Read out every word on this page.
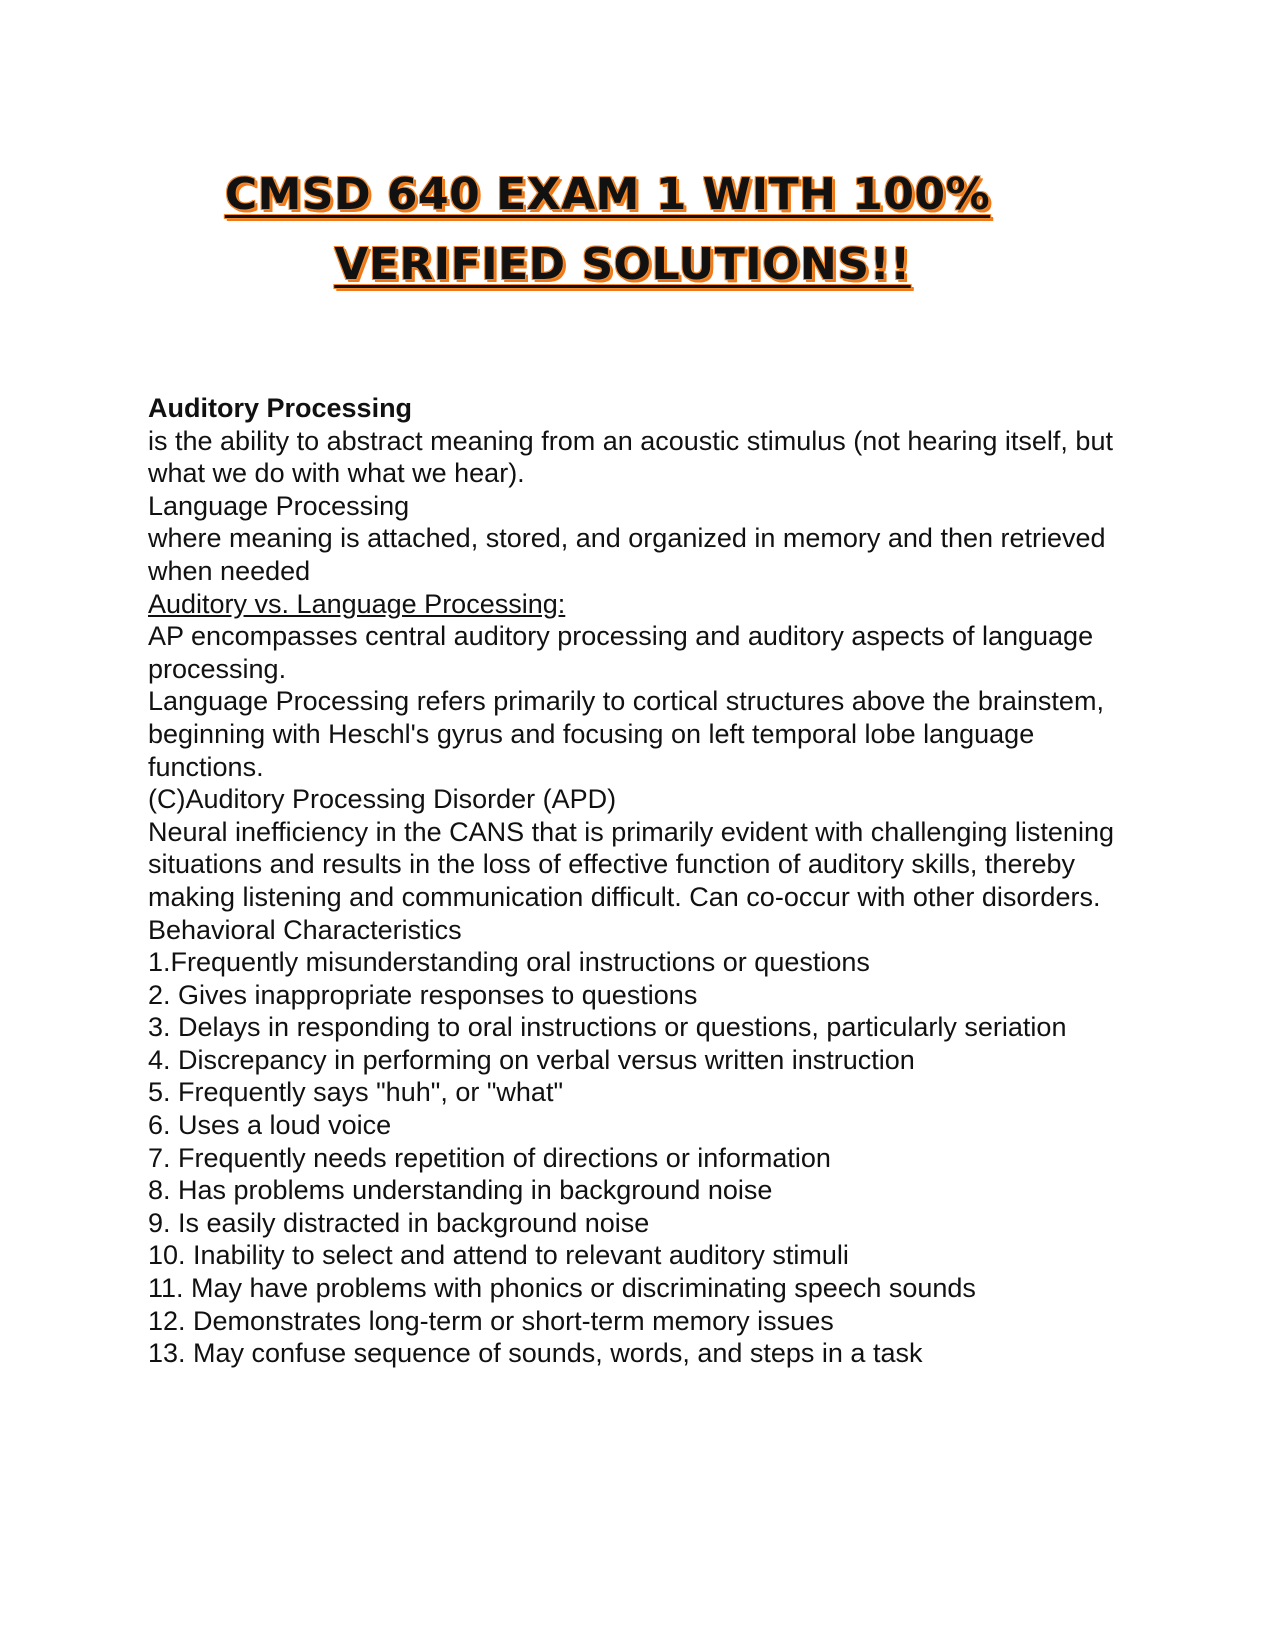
CMSD 640 EXAM 1 WITH 100%
VERIFIED SOLUTIONS!!

Auditory Processing

is the ability to abstract meaning from an acoustic stimulus (not hearing itself, but what we do with what we hear).

Language Processing

where meaning is attached, stored, and organized in memory and then retrieved when needed

Auditory vs. Language Processing:

AP encompasses central auditory processing and auditory aspects of language processing.

Language Processing refers primarily to cortical structures above the brainstem, beginning with Heschl's gyrus and focusing on left temporal lobe language functions.

(C)Auditory Processing Disorder (APD)

Neural inefficiency in the CANS that is primarily evident with challenging listening situations and results in the loss of effective function of auditory skills, thereby making listening and communication difficult. Can co-occur with other disorders.

Behavioral Characteristics

1.Frequently misunderstanding oral instructions or questions

2. Gives inappropriate responses to questions

3. Delays in responding to oral instructions or questions, particularly seriation

4. Discrepancy in performing on verbal versus written instruction

5. Frequently says "huh", or "what"

6. Uses a loud voice

7. Frequently needs repetition of directions or information

8. Has problems understanding in background noise

9. Is easily distracted in background noise

10. Inability to select and attend to relevant auditory stimuli

11. May have problems with phonics or discriminating speech sounds

12. Demonstrates long-term or short-term memory issues

13. May confuse sequence of sounds, words, and steps in a task
